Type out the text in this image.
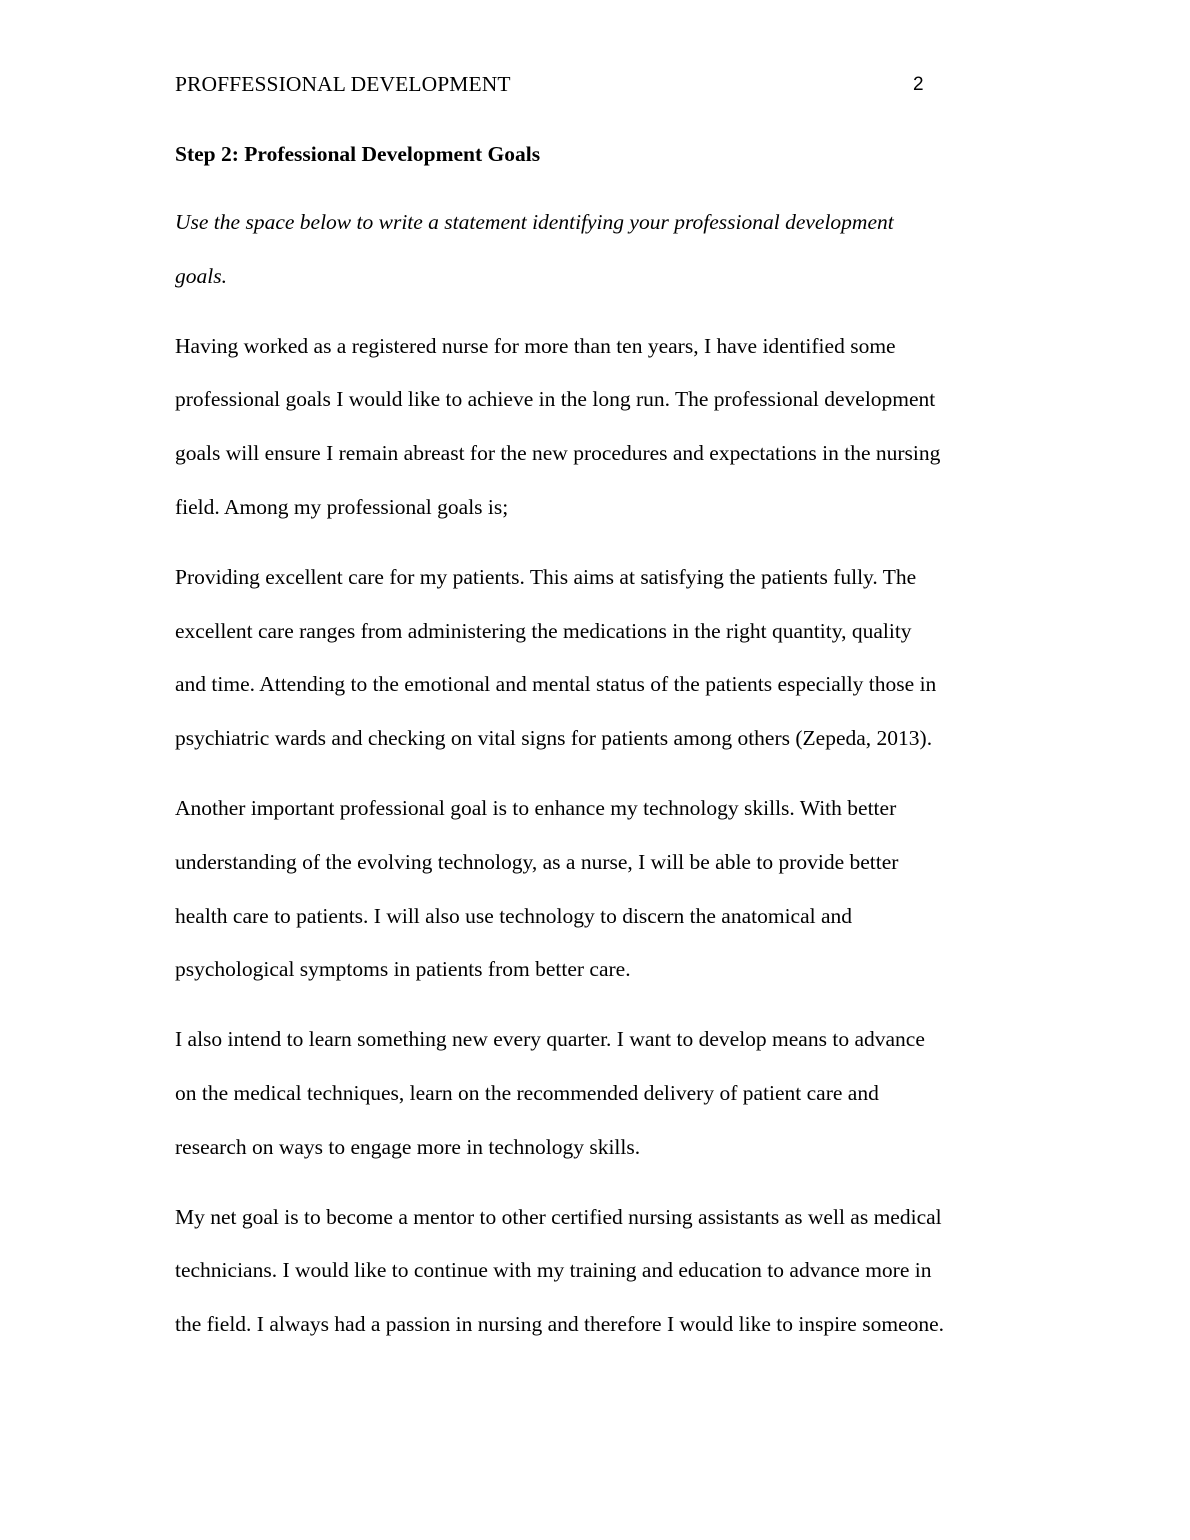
PROFFESSIONAL DEVELOPMENT	2
Step 2: Professional Development Goals

Use the space below to write a statement identifying your professional development
goals.

Having worked as a registered nurse for more than ten years, I have identified some
professional goals I would like to achieve in the long run. The professional development
goals will ensure I remain abreast for the new procedures and expectations in the nursing
field. Among my professional goals is;

Providing excellent care for my patients. This aims at satisfying the patients fully. The
excellent care ranges from administering the medications in the right quantity, quality
and time. Attending to the emotional and mental status of the patients especially those in
psychiatric wards and checking on vital signs for patients among others (Zepeda, 2013).

Another important professional goal is to enhance my technology skills. With better
understanding of the evolving technology, as a nurse, I will be able to provide better
health care to patients. I will also use technology to discern the anatomical and
psychological symptoms in patients from better care.

I also intend to learn something new every quarter. I want to develop means to advance
on the medical techniques, learn on the recommended delivery of patient care and
research on ways to engage more in technology skills.

My net goal is to become a mentor to other certified nursing assistants as well as medical
technicians. I would like to continue with my training and education to advance more in
the field. I always had a passion in nursing and therefore I would like to inspire someone.
